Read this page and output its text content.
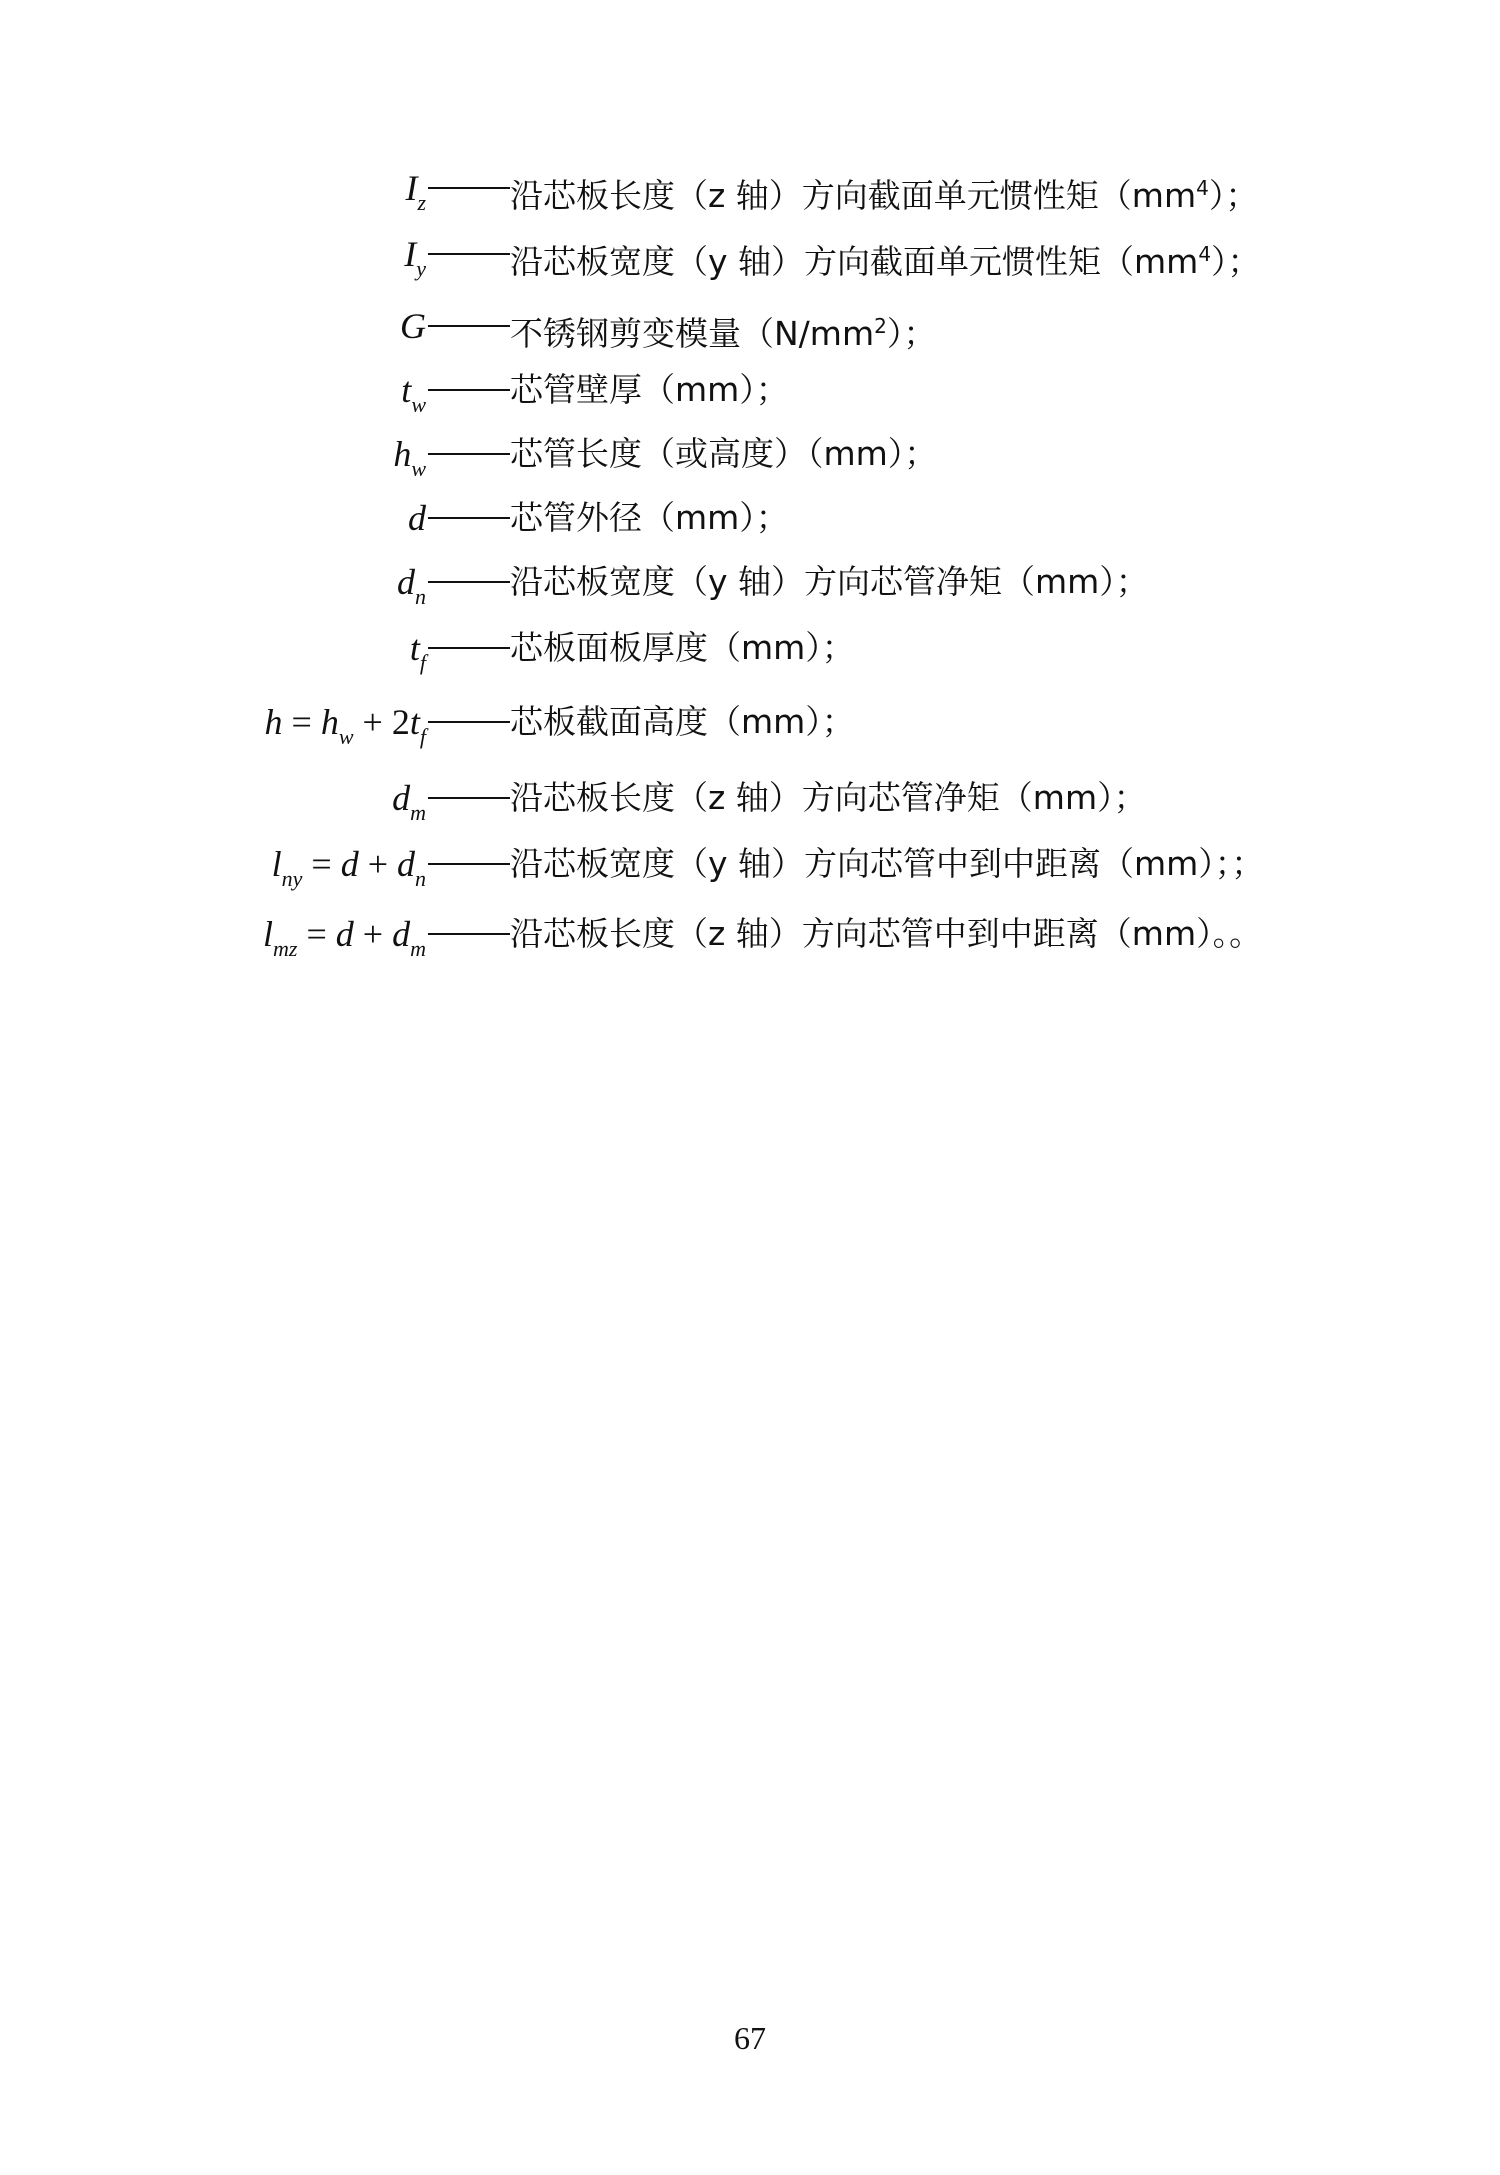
$I_z$	沿芯板长度（z 轴）方向截面单元惯性矩$(mm^4)$；
$I_y$	沿芯板宽度（y 轴）方向截面单元惯性矩$(mm^4)$；
G	不锈钢剪变模量$(N/mm^2)$；
$t_w$	芯管壁厚（mm）；
$h_w$	芯管长度（或高度）（mm）；
d	芯管外径（mm）；
$d_n$	沿芯板宽度（y 轴）方向芯管净矩（mm）；
$t_f$	芯板面板厚度（mm）；
$h = h_w + 2t_f$	芯板截面高度（mm）；
$d_m$	沿芯板长度（z 轴）方向芯管净矩（mm）；
$l_{ny} = d + d_n$	沿芯板宽度（y 轴）方向芯管中到中距离（mm）；；
$l_{mz} = d + d_m$	沿芯板长度（z 轴）方向芯管中到中距离（mm）。。
67
